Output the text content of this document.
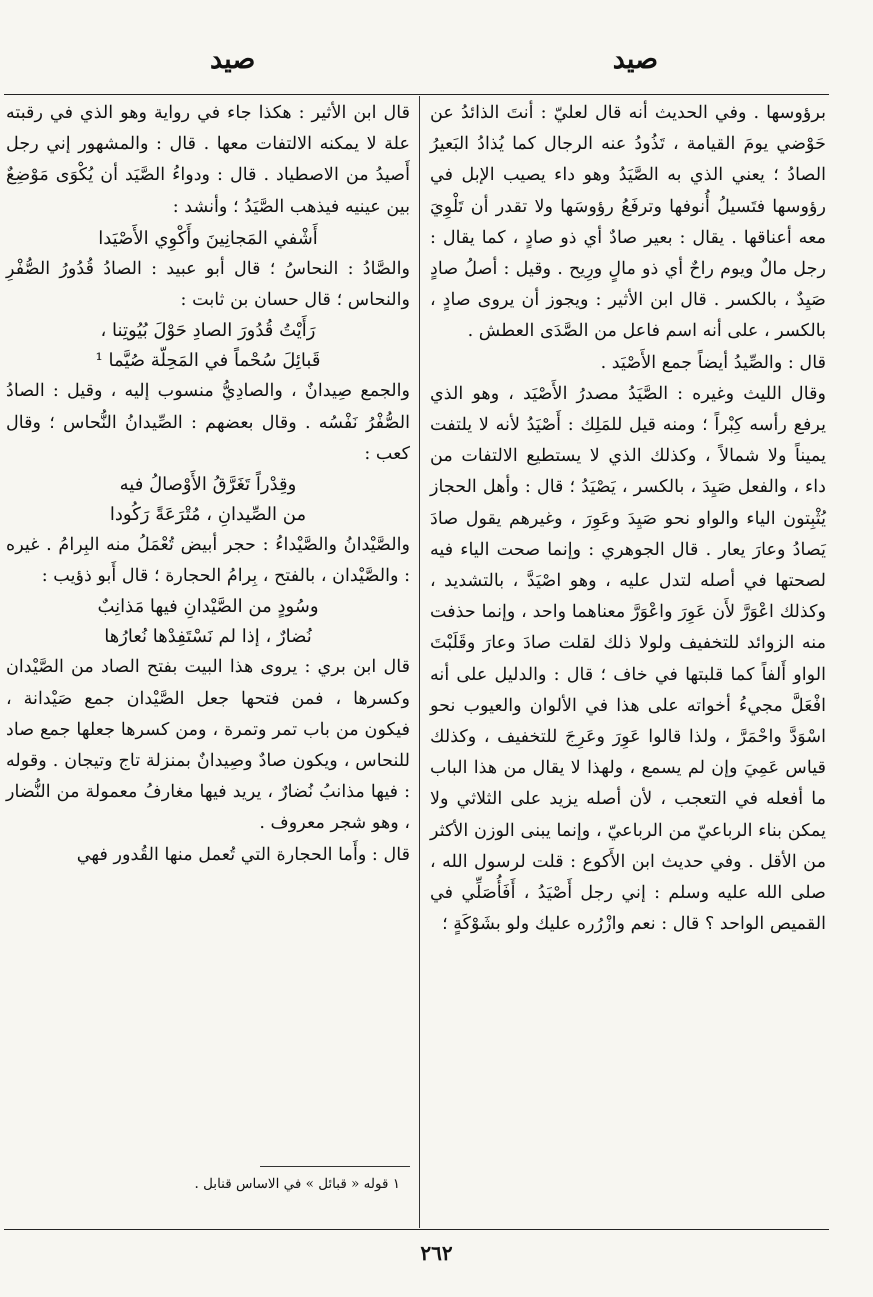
صيد
صيد

برؤوسها . وفي الحديث أنه قال لعليّ : أنتَ الذائدُ عن حَوْضي يومَ القيامة ، تَذُودُ عنه الرجال كما يُذادُ البَعيرُ الصادُ ؛ يعني الذي به الصَّيَدُ وهو داء يصيب الإبل في رؤوسها فتَسيلُ أُنوفها وترفَعُ رؤوسَها ولا تقدر أن تَلْوِيَ معه أعناقها . يقال : بعير صادٌ أي ذو صادٍ ، كما يقال : رجل مالٌ ويوم راحٌ أي ذو مالٍ ورِيح . وقيل : أصلُ صادٍ صَيِدٌ ، بالكسر . قال ابن الأثير : ويجوز أن يروى صادٍ ، بالكسر ، على أنه اسم فاعل من الصَّدَى العطش .

قال : والصِّيدُ أيضاً جمع الأَصْيَد .

وقال الليث وغيره : الصَّيَدُ مصدرُ الأَصْيَد ، وهو الذي يرفع رأسه كِبْراً ؛ ومنه قيل للمَلِك : أَصْيَدُ لأنه لا يلتفت يميناً ولا شمالاً ، وكذلك الذي لا يستطيع الالتفات من داء ، والفعل صَيِدَ ، بالكسر ، يَصْيَدُ ؛ قال : وأهل الحجاز يُثْبِتون الياء والواو نحو صَيِدَ وعَوِرَ ، وغيرهم يقول صادَ يَصادُ وعارَ يعار . قال الجوهري : وإنما صحت الياء فيه لصحتها في أصله لتدل عليه ، وهو اصْيَدَّ ، بالتشديد ، وكذلك اعْوَرَّ لأَن عَوِرَ واعْوَرَّ معناهما واحد ، وإنما حذفت منه الزوائد للتخفيف ولولا ذلك لقلت صادَ وعارَ وقَلَبْتَ الواو أَلفاً كما قلبتها في خاف ؛ قال : والدليل على أنه افْعَلَّ مجيءُ أخواته على هذا في الألوان والعيوب نحو اسْوَدَّ واحْمَرَّ ، ولذا قالوا عَوِرَ وعَرِجَ للتخفيف ، وكذلك قياس عَمِيَ وإن لم يسمع ، ولهذا لا يقال من هذا الباب ما أفعله في التعجب ، لأن أصله يزيد على الثلاثي ولا يمكن بناء الرباعيّ من الرباعيّ ، وإنما يبنى الوزن الأكثر من الأقل . وفي حديث ابن الأَكوع : قلت لرسول الله ، صلى الله عليه وسلم : إني رجل أَصْيَدُ ، أَفَأُصَلِّي في القميص الواحد ؟ قال : نعم وازْرُره عليك ولو بشَوْكَةٍ ؛

قال ابن الأثير : هكذا جاء في رواية وهو الذي في رقبته علة لا يمكنه الالتفات معها . قال : والمشهور إني رجل أَصيدُ من الاصطياد . قال : ودواءُ الصَّيَد أن يُكْوَى مَوْضِعٌ بين عينيه فيذهب الصَّيَدُ ؛ وأنشد :

أَشْفي المَجانِينَ وأَكْوِي الأَصْيَدا

والصَّادُ : النحاسُ ؛ قال أبو عبيد : الصادُ قُدُورُ الصُّفْرِ والنحاس ؛ قال حسان بن ثابت :

رَأَيْتُ قُدُورَ الصادِ حَوْلَ بُيُوتِنا ،

قَبائِلَ سُحْماً في المَحِلّة صُيَّما ¹

والجمع صِيدانٌ ، والصادِيُّ منسوب إليه ، وقيل : الصادُ الصُّفْرُ نَفْسُه . وقال بعضهم : الصِّيدانُ النُّحاس ؛ وقال كعب :

وقِدْراً تَغَرَّقُ الأَوْصالُ فيه

من الصِّيدانِ ، مُتْرَعَةً رَكُودا

والصَّيْدانُ والصَّيْداءُ : حجر أبيض تُعْمَلُ منه البِرامُ . غيره : والصَّيْدان ، بالفتح ، بِرامُ الحجارة ؛ قال أَبو ذؤيب :

وسُودٍ من الصَّيْدانِ فيها مَذانِبٌ

نُضارٌ ، إذا لم نَسْتَفِدْها نُعارُها

قال ابن بري : يروى هذا البيت بفتح الصاد من الصَّيْدان وكسرها ، فمن فتحها جعل الصَّيْدان جمع صَيْدانة ، فيكون من باب تمر وتمرة ، ومن كسرها جعلها جمع صاد للنحاس ، ويكون صادٌ وصِيدانٌ بمنزلة تاج وتيجان . وقوله : فيها مذانبُ نُضارٌ ، يريد فيها مغارفُ معمولة من النُّضار ، وهو شجر معروف .

قال : وأَما الحجارة التي تُعمل منها القُدور فهي

١ قوله « قبائل » في الاساس قنابل .

٢٦٢
